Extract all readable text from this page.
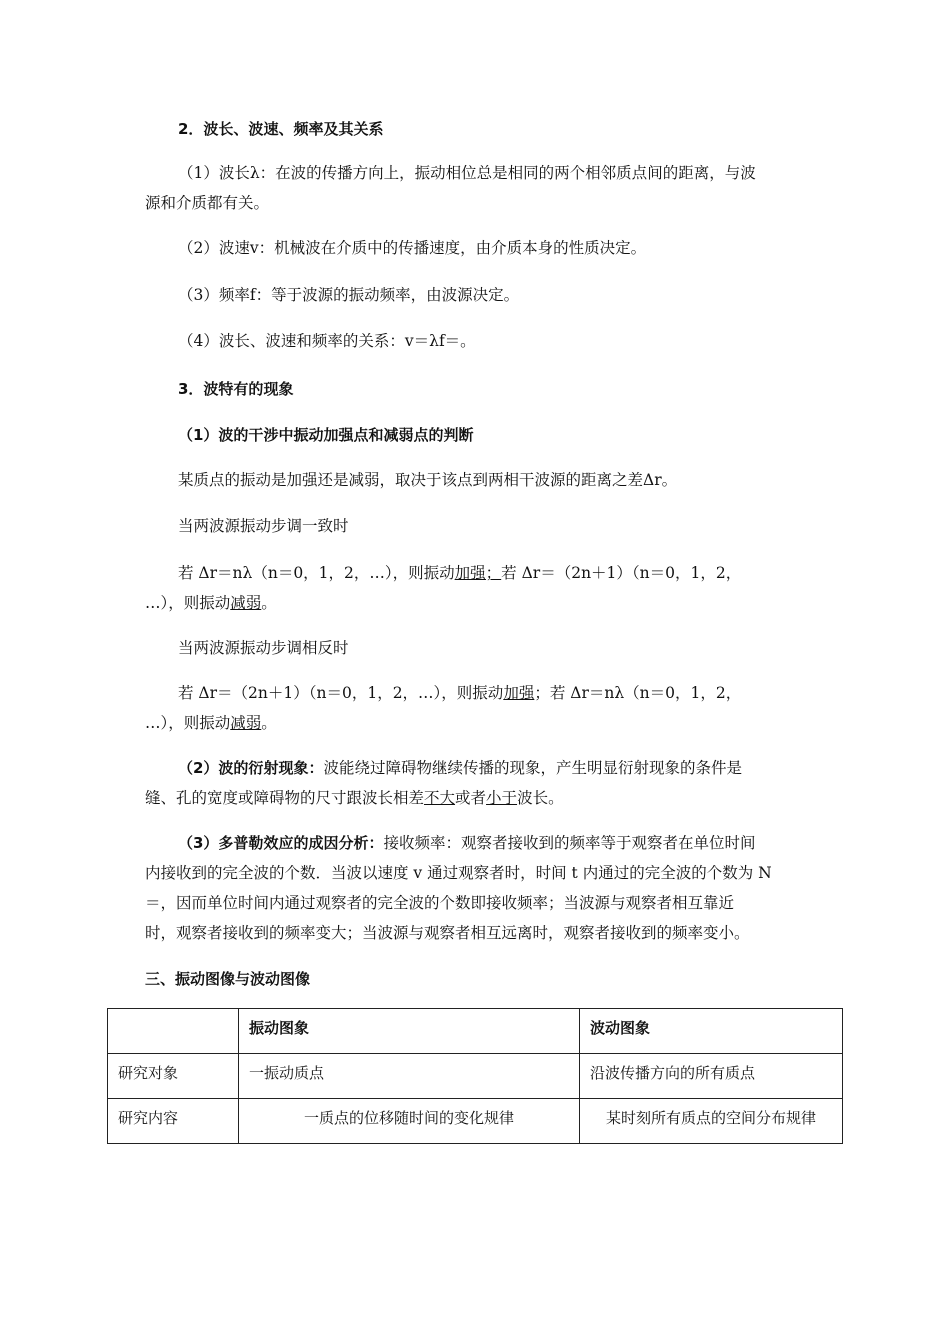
2．波长、波速、频率及其关系
（1）波长λ：在波的传播方向上，振动相位总是相同的两个相邻质点间的距离，与波
源和介质都有关。
（2）波速v：机械波在介质中的传播速度，由介质本身的性质决定。
（3）频率f：等于波源的振动频率，由波源决定。
（4）波长、波速和频率的关系：v＝λf＝。
3．波特有的现象
（1）波的干涉中振动加强点和减弱点的判断
某质点的振动是加强还是减弱，取决于该点到两相干波源的距离之差Δr。
当两波源振动步调一致时
若 Δr＝nλ（n＝0，1，2，…），则振动加强；若 Δr＝（2n＋1）（n＝0，1，2，
…），则振动减弱。
当两波源振动步调相反时
若 Δr＝（2n＋1）（n＝0，1，2，…），则振动加强；若 Δr＝nλ（n＝0，1，2，
…），则振动减弱。
（2）波的衍射现象：波能绕过障碍物继续传播的现象，产生明显衍射现象的条件是
缝、孔的宽度或障碍物的尺寸跟波长相差不大或者小于波长。
（3）多普勒效应的成因分析：接收频率：观察者接收到的频率等于观察者在单位时间
内接收到的完全波的个数．当波以速度 v 通过观察者时，时间 t 内通过的完全波的个数为 N
＝，因而单位时间内通过观察者的完全波的个数即接收频率；当波源与观察者相互靠近
时，观察者接收到的频率变大；当波源与观察者相互远离时，观察者接收到的频率变小。
三、振动图像与波动图像
	振动图象	波动图象
研究对象	一振动质点	沿波传播方向的所有质点
研究内容	一质点的位移随时间的变化规律	某时刻所有质点的空间分布规律
